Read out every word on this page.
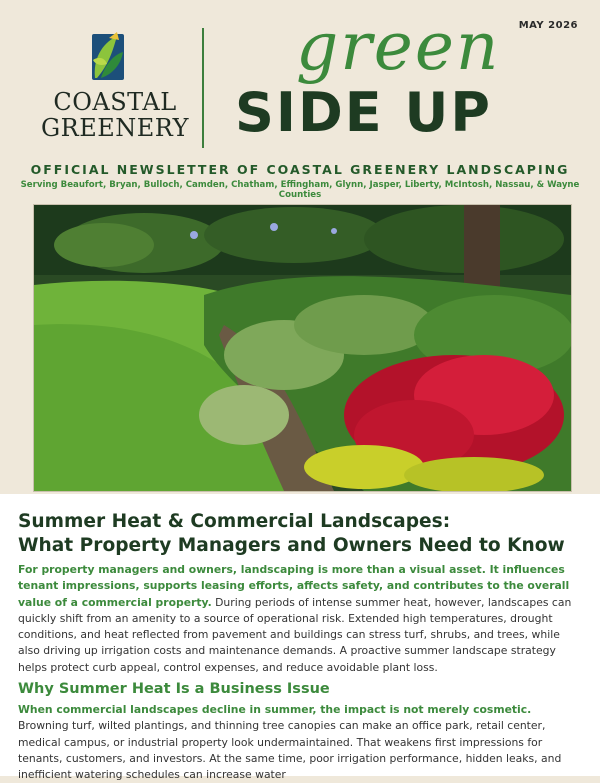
COASTAL
GREENERY
MAY 2026
green
SIDE UP
OFFICIAL NEWSLETTER OF COASTAL GREENERY LANDSCAPING
Serving Beaufort, Bryan, Bulloch, Camden, Chatham, Effingham, Glynn, Jasper, Liberty, McIntosh, Nassau, & Wayne Counties
Summer Heat & Commercial Landscapes:
What Property Managers and Owners Need to Know

For property managers and owners, landscaping is more than a visual asset. It influences tenant impressions, supports leasing efforts, affects safety, and contributes to the overall value of a commercial property. During periods of intense summer heat, however, landscapes can quickly shift from an amenity to a source of operational risk. Extended high temperatures, drought conditions, and heat reflected from pavement and buildings can stress turf, shrubs, and trees, while also driving up irrigation costs and maintenance demands. A proactive summer landscape strategy helps protect curb appeal, control expenses, and reduce avoidable plant loss.

Why Summer Heat Is a Business Issue

When commercial landscapes decline in summer, the impact is not merely cosmetic. Browning turf, wilted plantings, and thinning tree canopies can make an office park, retail center, medical campus, or industrial property look undermaintained. That weakens first impressions for tenants, customers, and investors. At the same time, poor irrigation performance, hidden leaks, and inefficient watering schedules can increase water
